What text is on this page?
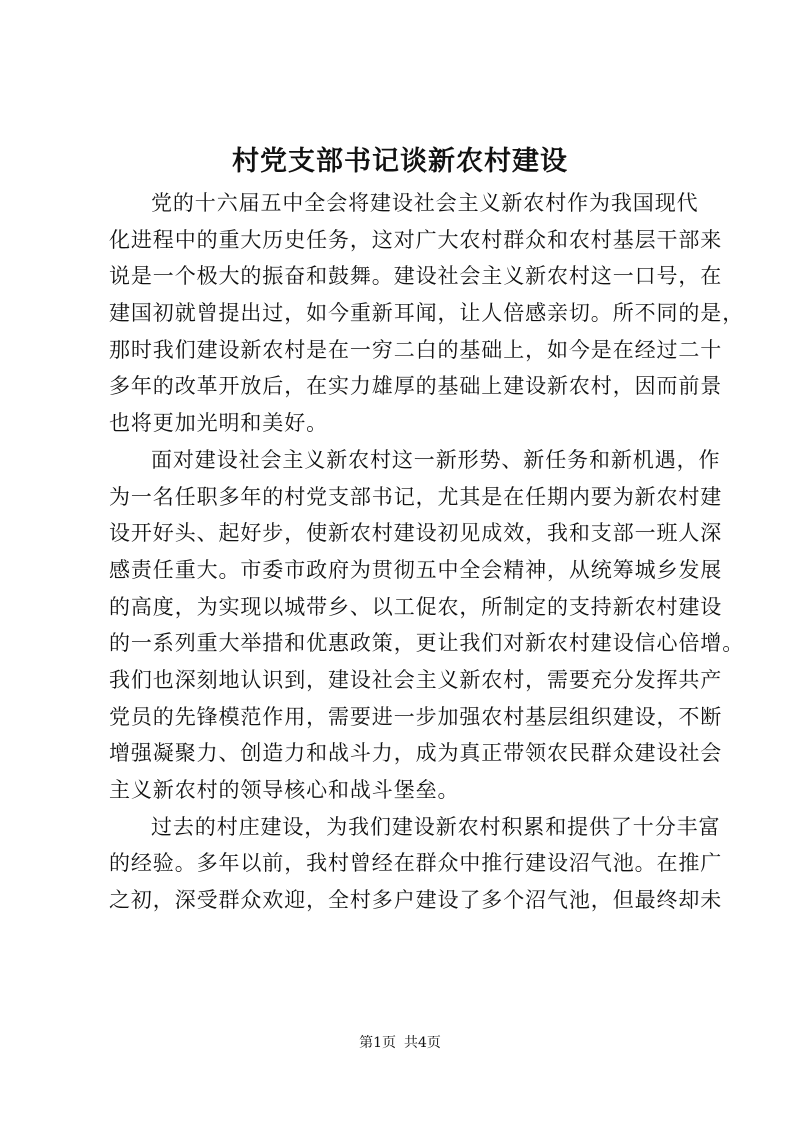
村党支部书记谈新农村建设
党的十六届五中全会将建设社会主义新农村作为我国现代
化进程中的重大历史任务，这对广大农村群众和农村基层干部来
说是一个极大的振奋和鼓舞。建设社会主义新农村这一口号，在
建国初就曾提出过，如今重新耳闻，让人倍感亲切。所不同的是，
那时我们建设新农村是在一穷二白的基础上，如今是在经过二十
多年的改革开放后，在实力雄厚的基础上建设新农村，因而前景
也将更加光明和美好。
面对建设社会主义新农村这一新形势、新任务和新机遇，作
为一名任职多年的村党支部书记，尤其是在任期内要为新农村建
设开好头、起好步，使新农村建设初见成效，我和支部一班人深
感责任重大。市委市政府为贯彻五中全会精神，从统筹城乡发展
的高度，为实现以城带乡、以工促农，所制定的支持新农村建设
的一系列重大举措和优惠政策，更让我们对新农村建设信心倍增。
我们也深刻地认识到，建设社会主义新农村，需要充分发挥共产
党员的先锋模范作用，需要进一步加强农村基层组织建设，不断
增强凝聚力、创造力和战斗力，成为真正带领农民群众建设社会
主义新农村的领导核心和战斗堡垒。
过去的村庄建设，为我们建设新农村积累和提供了十分丰富
的经验。多年以前，我村曾经在群众中推行建设沼气池。在推广
之初，深受群众欢迎，全村多户建设了多个沼气池，但最终却未
第1页 共4页
